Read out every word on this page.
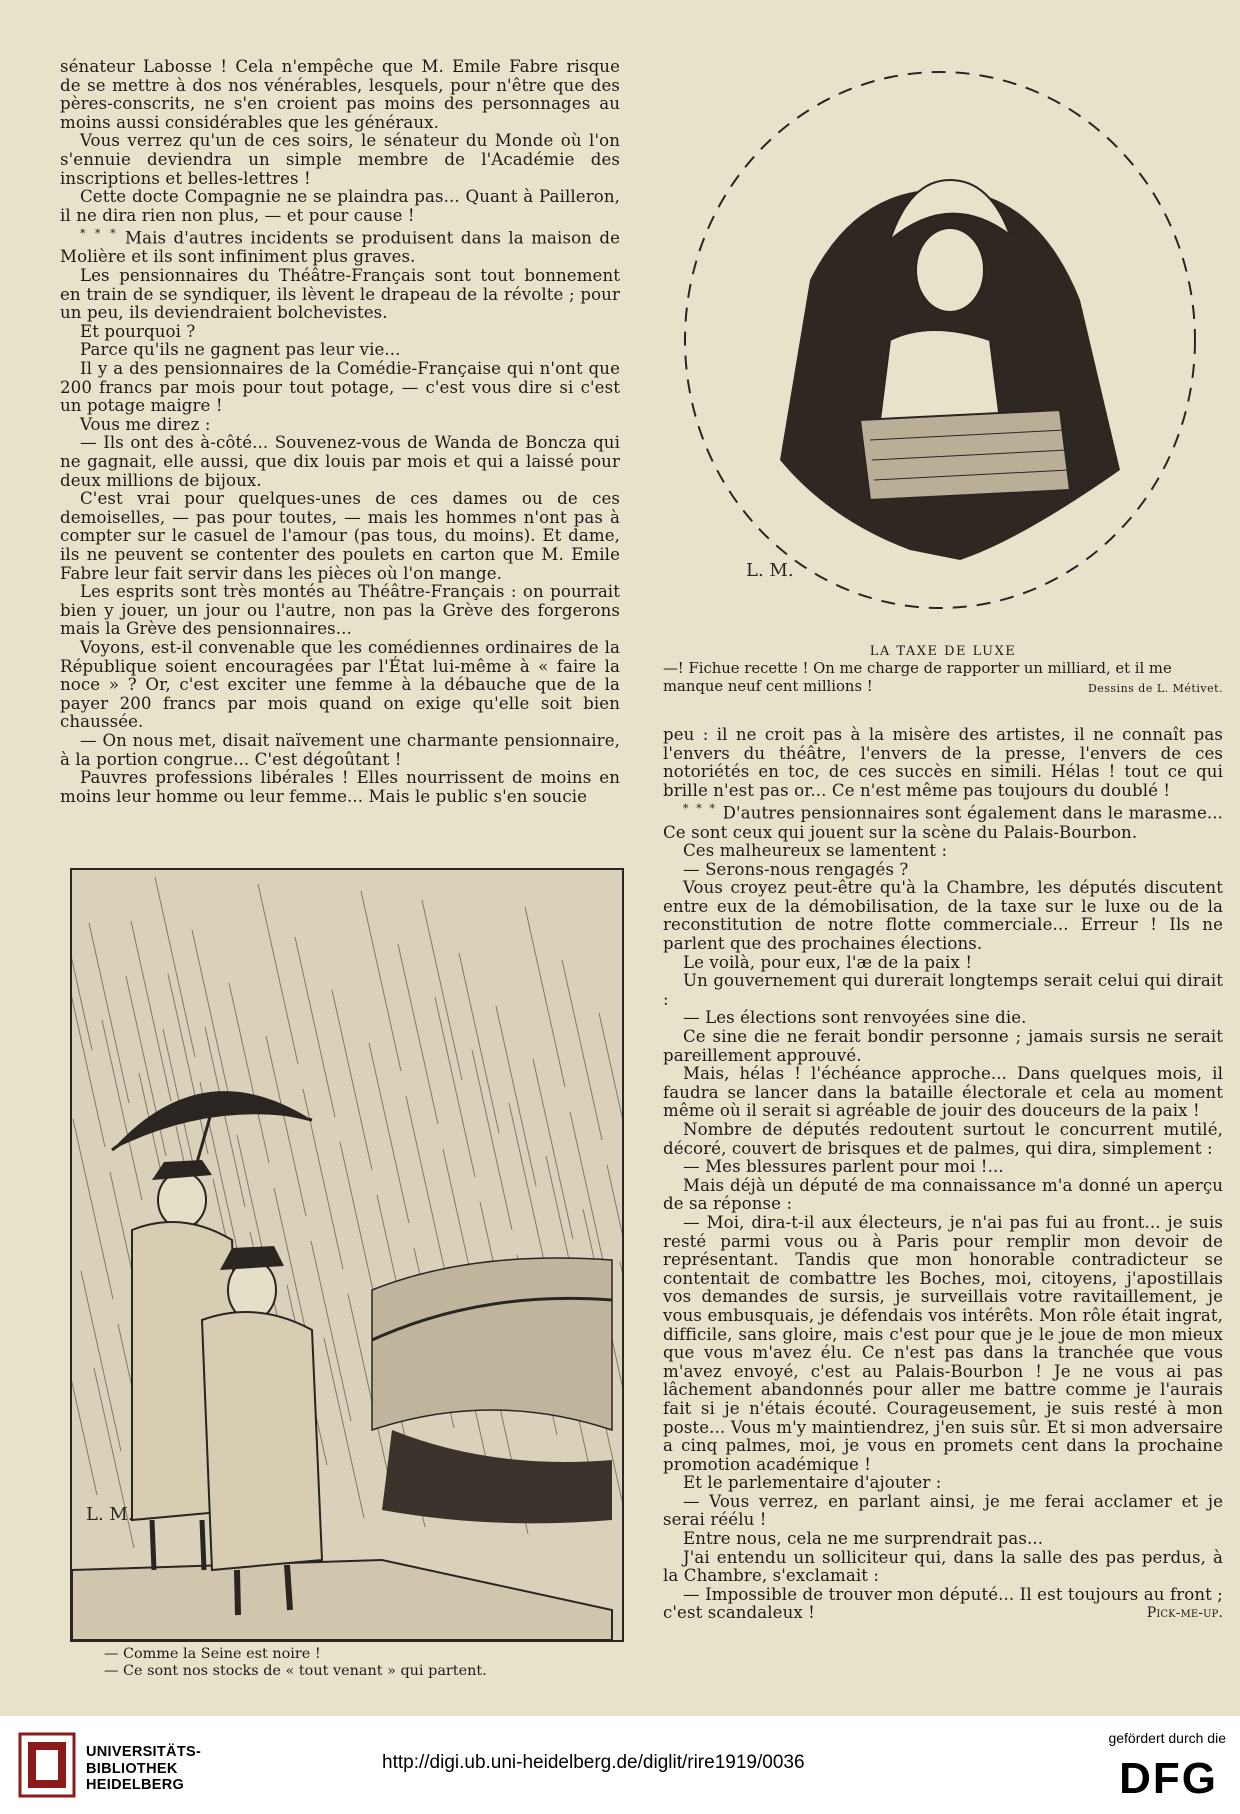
sénateur Labosse ! Cela n'empêche que M. Emile Fabre risque de se mettre à dos nos vénérables, lesquels, pour n'être que des pères-conscrits, ne s'en croient pas moins des personnages au moins aussi considérables que les généraux.

Vous verrez qu'un de ces soirs, le sénateur du Monde où l'on s'ennuie deviendra un simple membre de l'Académie des inscriptions et belles-lettres !

Cette docte Compagnie ne se plaindra pas... Quant à Pailleron, il ne dira rien non plus, — et pour cause !

* * * Mais d'autres incidents se produisent dans la maison de Molière et ils sont infiniment plus graves.

Les pensionnaires du Théâtre-Français sont tout bonnement en train de se syndiquer, ils lèvent le drapeau de la révolte ; pour un peu, ils deviendraient bolchevistes.

Et pourquoi ?

Parce qu'ils ne gagnent pas leur vie...

Il y a des pensionnaires de la Comédie-Française qui n'ont que 200 francs par mois pour tout potage, — c'est vous dire si c'est un potage maigre !

Vous me direz :

— Ils ont des à-côté... Souvenez-vous de Wanda de Boncza qui ne gagnait, elle aussi, que dix louis par mois et qui a laissé pour deux millions de bijoux.

C'est vrai pour quelques-unes de ces dames ou de ces demoiselles, — pas pour toutes, — mais les hommes n'ont pas à compter sur le casuel de l'amour (pas tous, du moins). Et dame, ils ne peuvent se contenter des poulets en carton que M. Emile Fabre leur fait servir dans les pièces où l'on mange.

Les esprits sont très montés au Théâtre-Français : on pourrait bien y jouer, un jour ou l'autre, non pas la Grève des forgerons mais la Grève des pensionnaires...

Voyons, est-il convenable que les comédiennes ordinaires de la République soient encouragées par l'État lui-même à « faire la noce » ? Or, c'est exciter une femme à la débauche que de la payer 200 francs par mois quand on exige qu'elle soit bien chaussée.

— On nous met, disait naïvement une charmante pensionnaire, à la portion congrue... C'est dégoûtant !

Pauvres professions libérales ! Elles nourrissent de moins en moins leur homme ou leur femme... Mais le public s'en soucie

L. M.
— Comme la Seine est noire !
— Ce sont nos stocks de « tout venant » qui partent.
L. M.
LA TAXE DE LUXE
—! Fichue recette ! On me charge de rapporter un milliard, et il me manque neuf cent millions !	Dessins de L. Métivet.

peu : il ne croit pas à la misère des artistes, il ne connaît pas l'envers du théâtre, l'envers de la presse, l'envers de ces notoriétés en toc, de ces succès en simili. Hélas ! tout ce qui brille n'est pas or... Ce n'est même pas toujours du doublé !

* * * D'autres pensionnaires sont également dans le marasme... Ce sont ceux qui jouent sur la scène du Palais-Bourbon.

Ces malheureux se lamentent :

— Serons-nous rengagés ?

Vous croyez peut-être qu'à la Chambre, les députés discutent entre eux de la démobilisation, de la taxe sur le luxe ou de la reconstitution de notre flotte commerciale... Erreur ! Ils ne parlent que des prochaines élections.

Le voilà, pour eux, l'æ de la paix !

Un gouvernement qui durerait longtemps serait celui qui dirait :

— Les élections sont renvoyées sine die.

Ce sine die ne ferait bondir personne ; jamais sursis ne serait pareillement approuvé.

Mais, hélas ! l'échéance approche... Dans quelques mois, il faudra se lancer dans la bataille électorale et cela au moment même où il serait si agréable de jouir des douceurs de la paix !

Nombre de députés redoutent surtout le concurrent mutilé, décoré, couvert de brisques et de palmes, qui dira, simplement :

— Mes blessures parlent pour moi !...

Mais déjà un député de ma connaissance m'a donné un aperçu de sa réponse :

— Moi, dira-t-il aux électeurs, je n'ai pas fui au front... je suis resté parmi vous ou à Paris pour remplir mon devoir de représentant. Tandis que mon honorable contradicteur se contentait de combattre les Boches, moi, citoyens, j'apostillais vos demandes de sursis, je surveillais votre ravitaillement, je vous embusquais, je défendais vos intérêts. Mon rôle était ingrat, difficile, sans gloire, mais c'est pour que je le joue de mon mieux que vous m'avez élu. Ce n'est pas dans la tranchée que vous m'avez envoyé, c'est au Palais-Bourbon ! Je ne vous ai pas lâchement abandonnés pour aller me battre comme je l'aurais fait si je n'étais écouté. Courageusement, je suis resté à mon poste... Vous m'y maintiendrez, j'en suis sûr. Et si mon adversaire a cinq palmes, moi, je vous en promets cent dans la prochaine promotion académique !

Et le parlementaire d'ajouter :

— Vous verrez, en parlant ainsi, je me ferai acclamer et je serai réélu !

Entre nous, cela ne me surprendrait pas...

J'ai entendu un solliciteur qui, dans la salle des pas perdus, à la Chambre, s'exclamait :

— Impossible de trouver mon député... Il est toujours au front ; c'est scandaleux !	Pick-me-up.

UNIVERSITÄTS-
BIBLIOTHEK
HEIDELBERG
http://digi.ub.uni-heidelberg.de/diglit/rire1919/0036
gefördert durch die
DFG
